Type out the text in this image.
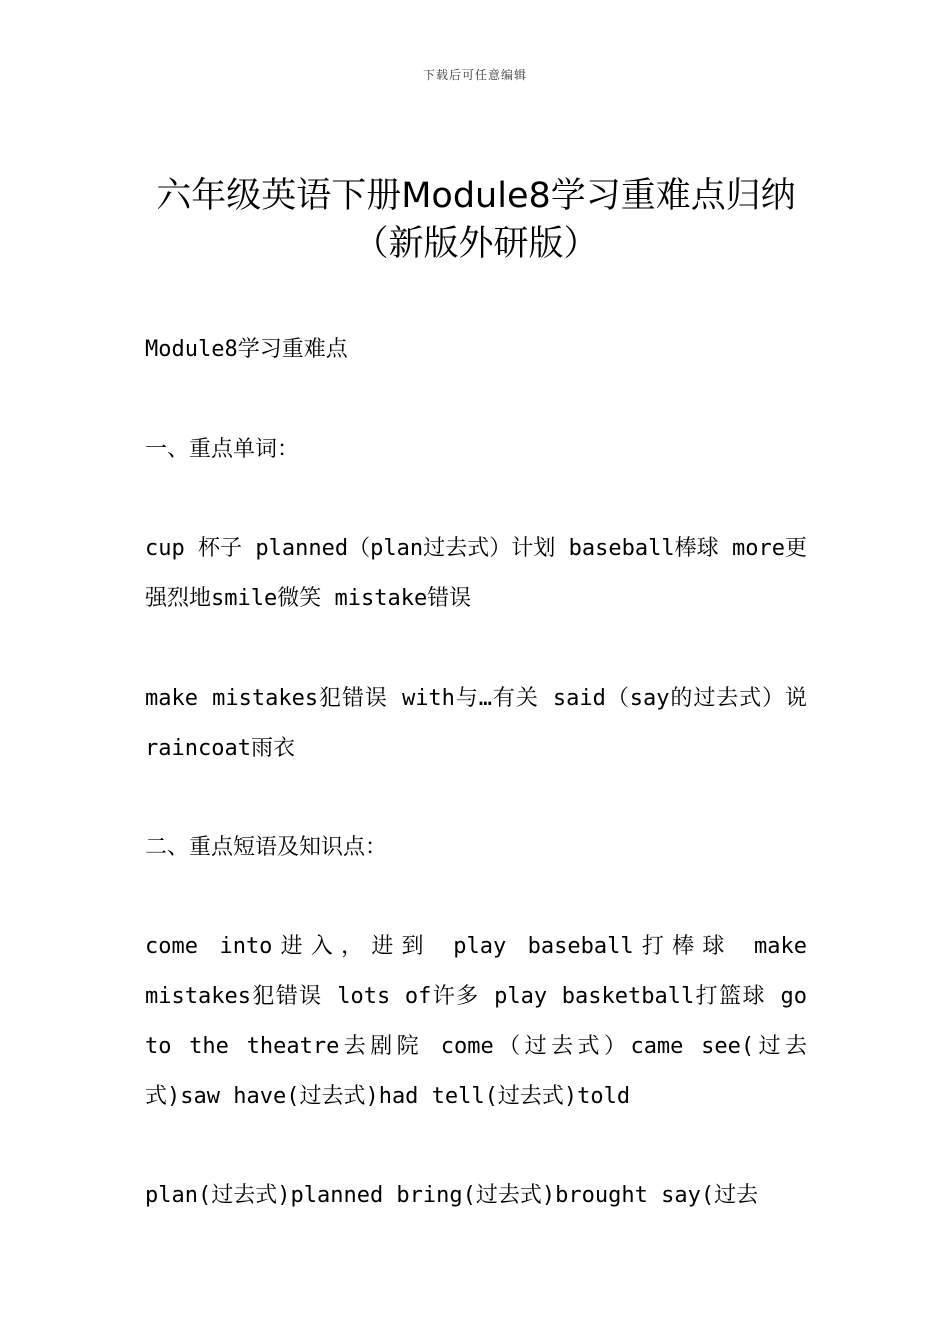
下载后可任意编辑
六年级英语下册Module8学习重难点归纳
（新版外研版）

Module8学习重难点

一、重点单词：

cup 杯子 planned（plan过去式）计划 baseball棒球 more更强烈地smile微笑 mistake错误

make mistakes犯错误 with与…有关 said（say的过去式）说 raincoat雨衣

二、重点短语及知识点：

come into进入，进到 play baseball打棒球 make mistakes犯错误 lots of许多 play basketball打篮球 go to the theatre去剧院 come（过去式）came see(过去式)saw have(过去式)had tell(过去式)told

plan(过去式)planned bring(过去式)brought say(过去
